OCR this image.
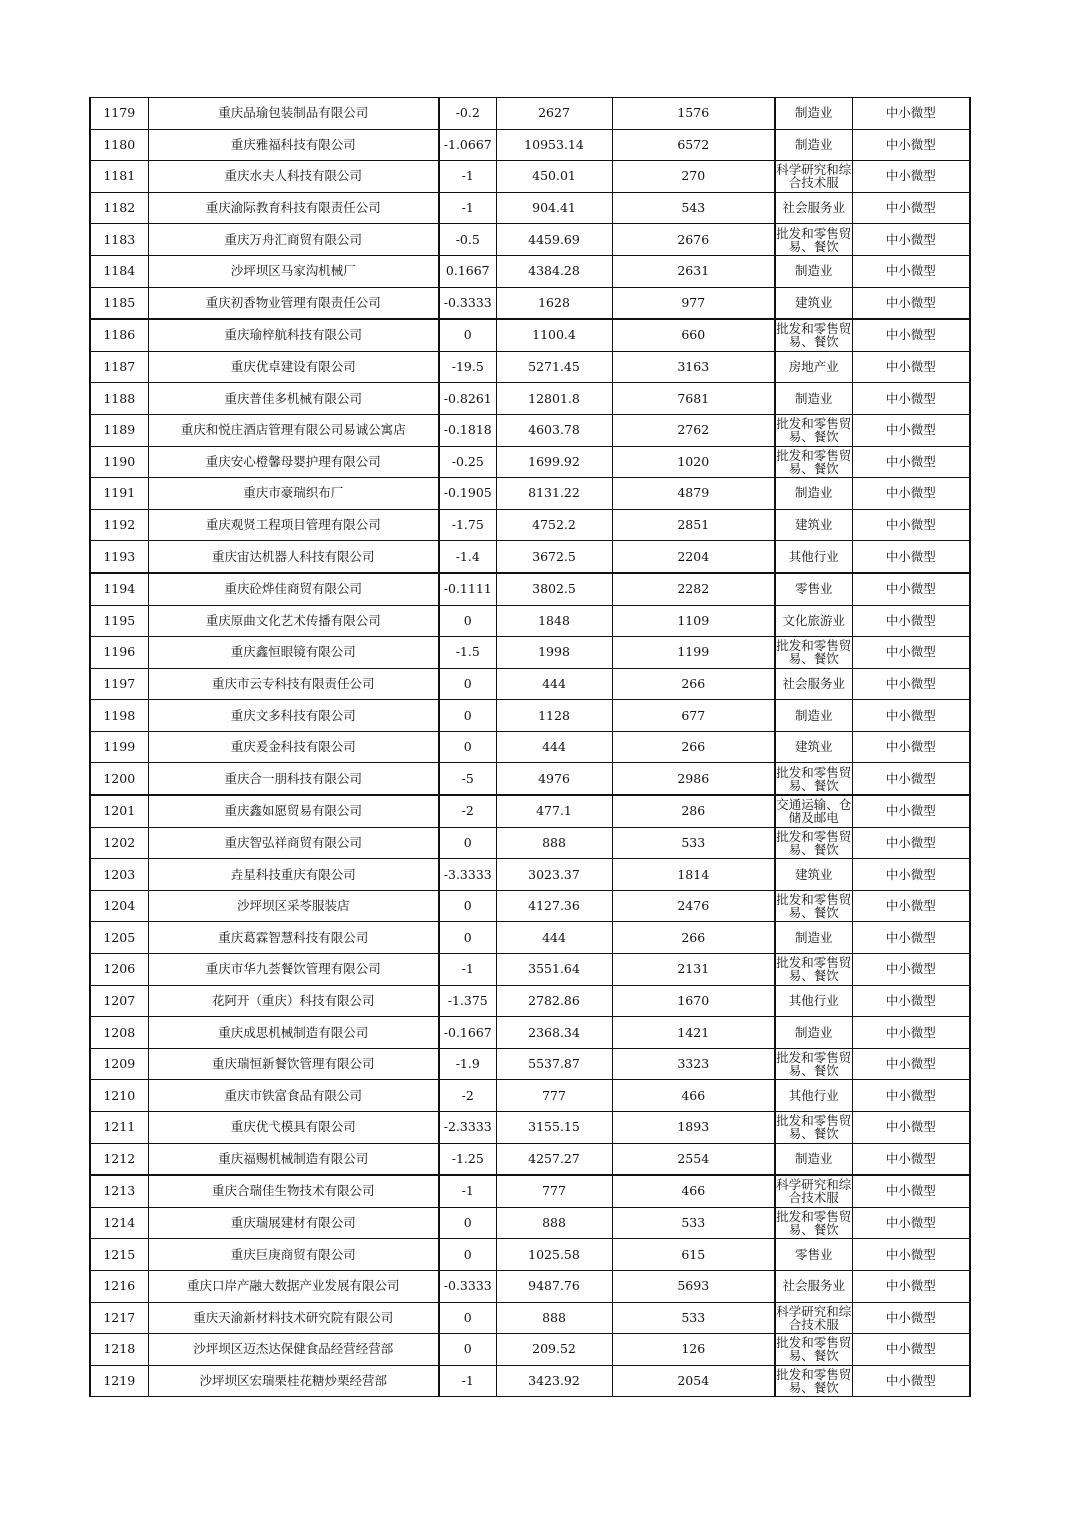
1179	重庆品瑜包装制品有限公司	-0.2	2627	1576	制造业	中小微型
1180	重庆雅福科技有限公司	-1.0667	10953.14	6572	制造业	中小微型
1181	重庆水夫人科技有限公司	-1	450.01	270	科学研究和综合技术服	中小微型
1182	重庆渝际教育科技有限责任公司	-1	904.41	543	社会服务业	中小微型
1183	重庆万舟汇商贸有限公司	-0.5	4459.69	2676	批发和零售贸易、餐饮	中小微型
1184	沙坪坝区马家沟机械厂	0.1667	4384.28	2631	制造业	中小微型
1185	重庆初香物业管理有限责任公司	-0.3333	1628	977	建筑业	中小微型
1186	重庆瑜梓航科技有限公司	0	1100.4	660	批发和零售贸易、餐饮	中小微型
1187	重庆优卓建设有限公司	-19.5	5271.45	3163	房地产业	中小微型
1188	重庆普佳多机械有限公司	-0.8261	12801.8	7681	制造业	中小微型
1189	重庆和悦庄酒店管理有限公司易诚公寓店	-0.1818	4603.78	2762	批发和零售贸易、餐饮	中小微型
1190	重庆安心橙馨母婴护理有限公司	-0.25	1699.92	1020	批发和零售贸易、餐饮	中小微型
1191	重庆市豪瑞织布厂	-0.1905	8131.22	4879	制造业	中小微型
1192	重庆观贤工程项目管理有限公司	-1.75	4752.2	2851	建筑业	中小微型
1193	重庆宙达机器人科技有限公司	-1.4	3672.5	2204	其他行业	中小微型
1194	重庆砼烨佳商贸有限公司	-0.1111	3802.5	2282	零售业	中小微型
1195	重庆原曲文化艺术传播有限公司	0	1848	1109	文化旅游业	中小微型
1196	重庆鑫恒眼镜有限公司	-1.5	1998	1199	批发和零售贸易、餐饮	中小微型
1197	重庆市云专科技有限责任公司	0	444	266	社会服务业	中小微型
1198	重庆文多科技有限公司	0	1128	677	制造业	中小微型
1199	重庆爰金科技有限公司	0	444	266	建筑业	中小微型
1200	重庆合一朋科技有限公司	-5	4976	2986	批发和零售贸易、餐饮	中小微型
1201	重庆鑫如愿贸易有限公司	-2	477.1	286	交通运输、仓储及邮电	中小微型
1202	重庆智弘祥商贸有限公司	0	888	533	批发和零售贸易、餐饮	中小微型
1203	垚星科技重庆有限公司	-3.3333	3023.37	1814	建筑业	中小微型
1204	沙坪坝区采苓服装店	0	4127.36	2476	批发和零售贸易、餐饮	中小微型
1205	重庆葛霖智慧科技有限公司	0	444	266	制造业	中小微型
1206	重庆市华九荟餐饮管理有限公司	-1	3551.64	2131	批发和零售贸易、餐饮	中小微型
1207	花阿开（重庆）科技有限公司	-1.375	2782.86	1670	其他行业	中小微型
1208	重庆成思机械制造有限公司	-0.1667	2368.34	1421	制造业	中小微型
1209	重庆瑞恒新餐饮管理有限公司	-1.9	5537.87	3323	批发和零售贸易、餐饮	中小微型
1210	重庆市铁富食品有限公司	-2	777	466	其他行业	中小微型
1211	重庆优弋模具有限公司	-2.3333	3155.15	1893	批发和零售贸易、餐饮	中小微型
1212	重庆福赐机械制造有限公司	-1.25	4257.27	2554	制造业	中小微型
1213	重庆合瑞佳生物技术有限公司	-1	777	466	科学研究和综合技术服	中小微型
1214	重庆瑞展建材有限公司	0	888	533	批发和零售贸易、餐饮	中小微型
1215	重庆巨庚商贸有限公司	0	1025.58	615	零售业	中小微型
1216	重庆口岸产融大数据产业发展有限公司	-0.3333	9487.76	5693	社会服务业	中小微型
1217	重庆天渝新材料技术研究院有限公司	0	888	533	科学研究和综合技术服	中小微型
1218	沙坪坝区迈杰达保健食品经营经营部	0	209.52	126	批发和零售贸易、餐饮	中小微型
1219	沙坪坝区宏瑞栗桂花糖炒栗经营部	-1	3423.92	2054	批发和零售贸易、餐饮	中小微型
